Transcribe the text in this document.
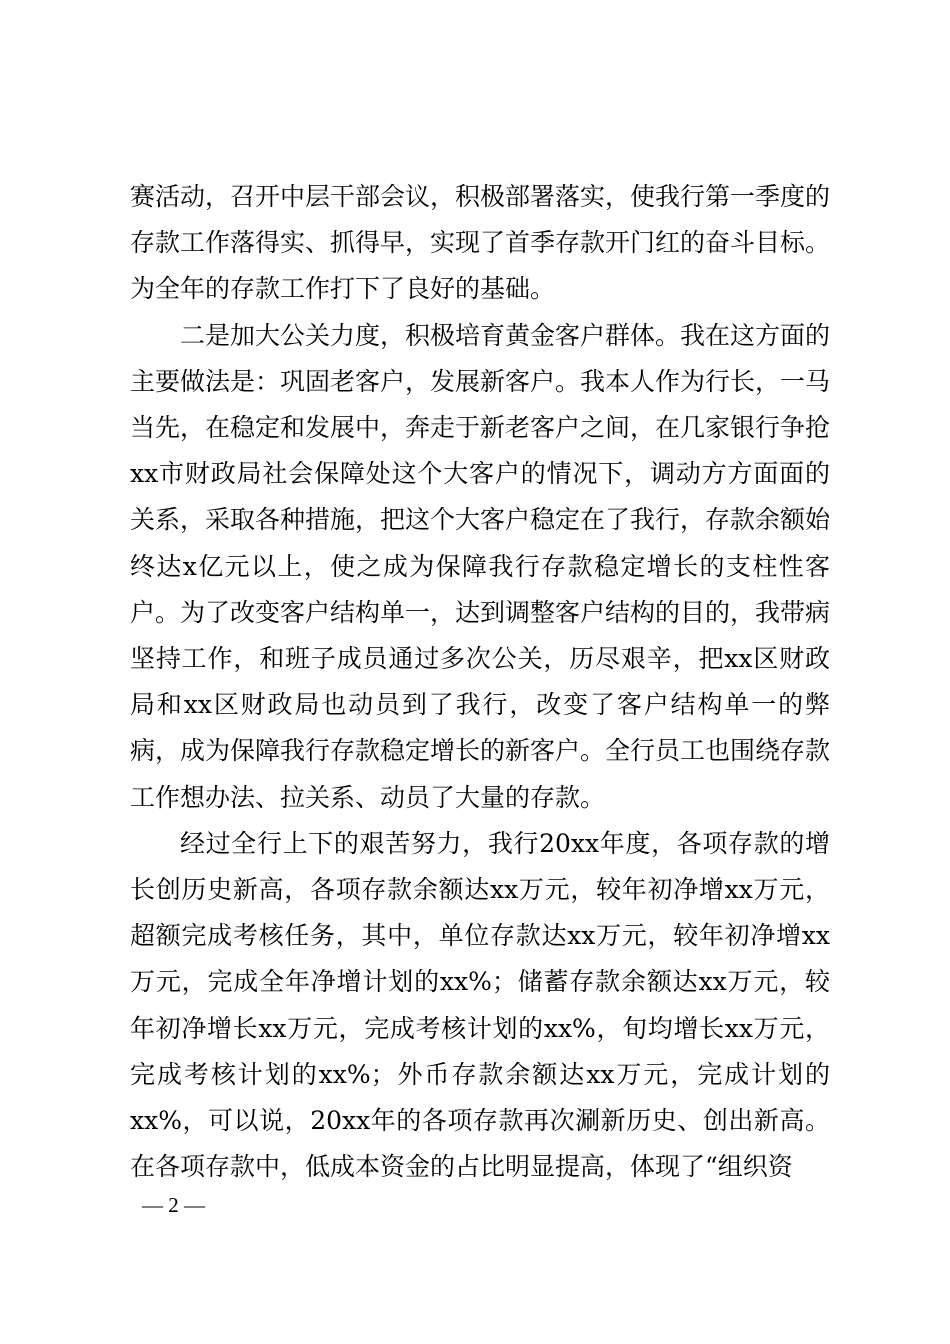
赛活动，召开中层干部会议，积极部署落实，使我行第一季度的存款工作落得实、抓得早，实现了首季存款开门红的奋斗目标。为全年的存款工作打下了良好的基础。

二是加大公关力度，积极培育黄金客户群体。我在这方面的主要做法是：巩固老客户，发展新客户。我本人作为行长，一马当先，在稳定和发展中，奔走于新老客户之间，在几家银行争抢xx市财政局社会保障处这个大客户的情况下，调动方方面面的关系，采取各种措施，把这个大客户稳定在了我行，存款余额始终达x亿元以上，使之成为保障我行存款稳定增长的支柱性客户。为了改变客户结构单一，达到调整客户结构的目的，我带病坚持工作，和班子成员通过多次公关，历尽艰辛，把xx区财政局和xx区财政局也动员到了我行，改变了客户结构单一的弊病，成为保障我行存款稳定增长的新客户。全行员工也围绕存款工作想办法、拉关系、动员了大量的存款。

经过全行上下的艰苦努力，我行20xx年度，各项存款的增长创历史新高，各项存款余额达xx万元，较年初净增xx万元，超额完成考核任务，其中，单位存款达xx万元，较年初净增xx万元，完成全年净增计划的xx%；储蓄存款余额达xx万元，较年初净增长xx万元，完成考核计划的xx%，旬均增长xx万元，完成考核计划的xx%；外币存款余额达xx万元，完成计划的xx%，可以说，20xx年的各项存款再次涮新历史、创出新高。在各项存款中，低成本资金的占比明显提高，体现了“组织资

— 2 —
